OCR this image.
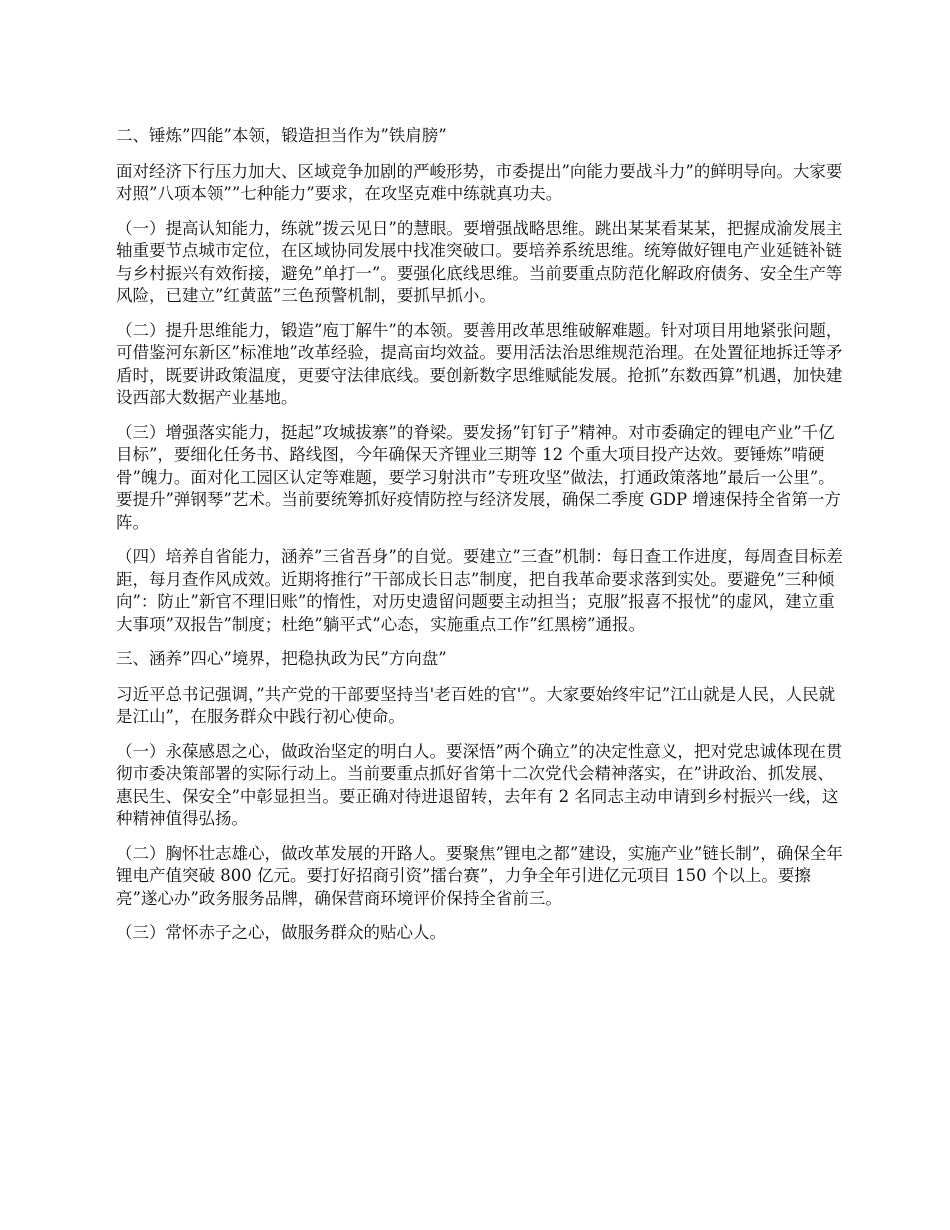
二、锤炼”四能”本领，锻造担当作为”铁肩膀”

面对经济下行压力加大、区域竞争加剧的严峻形势，市委提出”向能力要战斗力”的鲜明导向。大家要对照”八项本领””七种能力”要求，在攻坚克难中练就真功夫。

（一）提高认知能力，练就”拨云见日”的慧眼。要增强战略思维。跳出某某看某某，把握成渝发展主轴重要节点城市定位，在区域协同发展中找准突破口。要培养系统思维。统筹做好锂电产业延链补链与乡村振兴有效衔接，避免”单打一”。要强化底线思维。当前要重点防范化解政府债务、安全生产等风险，已建立”红黄蓝”三色预警机制，要抓早抓小。

（二）提升思维能力，锻造”庖丁解牛”的本领。要善用改革思维破解难题。针对项目用地紧张问题，可借鉴河东新区”标准地”改革经验，提高亩均效益。要用活法治思维规范治理。在处置征地拆迁等矛盾时，既要讲政策温度，更要守法律底线。要创新数字思维赋能发展。抢抓”东数西算”机遇，加快建设西部大数据产业基地。

（三）增强落实能力，挺起”攻城拔寨”的脊梁。要发扬”钉钉子”精神。对市委确定的锂电产业”千亿目标”，要细化任务书、路线图，今年确保天齐锂业三期等 12 个重大项目投产达效。要锤炼”啃硬骨”魄力。面对化工园区认定等难题，要学习射洪市”专班攻坚”做法，打通政策落地”最后一公里”。要提升”弹钢琴”艺术。当前要统筹抓好疫情防控与经济发展，确保二季度 GDP 增速保持全省第一方阵。

（四）培养自省能力，涵养”三省吾身”的自觉。要建立”三查”机制：每日查工作进度，每周查目标差距，每月查作风成效。近期将推行”干部成长日志”制度，把自我革命要求落到实处。要避免”三种倾向”：防止”新官不理旧账”的惰性，对历史遗留问题要主动担当；克服”报喜不报忧”的虚风，建立重大事项”双报告”制度；杜绝”躺平式”心态，实施重点工作”红黑榜”通报。

三、涵养”四心”境界，把稳执政为民”方向盘”

习近平总书记强调，”共产党的干部要坚持当'老百姓的官'”。大家要始终牢记”江山就是人民，人民就是江山”，在服务群众中践行初心使命。

（一）永葆感恩之心，做政治坚定的明白人。要深悟”两个确立”的决定性意义，把对党忠诚体现在贯彻市委决策部署的实际行动上。当前要重点抓好省第十二次党代会精神落实，在”讲政治、抓发展、惠民生、保安全”中彰显担当。要正确对待进退留转，去年有 2 名同志主动申请到乡村振兴一线，这种精神值得弘扬。

（二）胸怀壮志雄心，做改革发展的开路人。要聚焦”锂电之都”建设，实施产业”链长制”，确保全年锂电产值突破 800 亿元。要打好招商引资”擂台赛”，力争全年引进亿元项目 150 个以上。要擦亮”遂心办”政务服务品牌，确保营商环境评价保持全省前三。

（三）常怀赤子之心，做服务群众的贴心人。
